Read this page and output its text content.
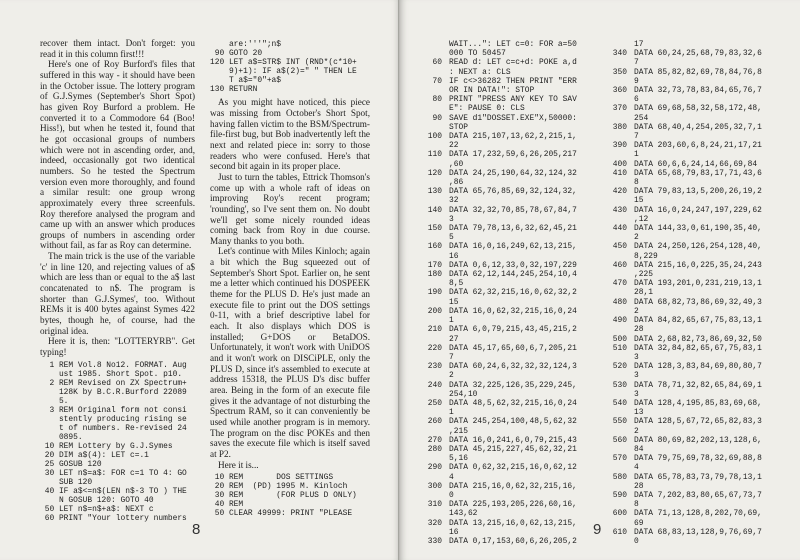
recover them intact. Don't forget: you read it in this column first!!!

Here's one of Roy Burford's files that suffered in this way - it should have been in the October issue. The lottery program of G.J.Symes (September's Short Spot) has given Roy Burford a problem. He converted it to a Commodore 64 (Boo! Hiss!), but when he tested it, found that he got occasional groups of numbers which were not in ascending order, and, indeed, occasionally got two identical numbers. So he tested the Spectrum version even more thoroughly, and found a similar result: one group wrong approximately every three screenfuls. Roy therefore analysed the program and came up with an answer which produces groups of numbers in ascending order without fail, as far as Roy can determine.

The main trick is the use of the variable 'c' in line 120, and rejecting values of a$ which are less than or equal to the a$ last concatenated to n$. The program is shorter than G.J.Symes', too. Without REMs it is 400 bytes against Symes 422 bytes, though he, of course, had the original idea.

Here it is, then: "LOTTERYRB". Get typing!

1 REM Vol.8 No12. FORMAT. Aug
ust 1985. Short Spot. p10.
2 REM Revised on ZX Spectrum+
128K by B.C.R.Burford 22089
5.
3 REM Original form not consi
stently producing rising se
t of numbers. Re-revised 24
0895.
10 REM Lottery by G.J.Symes
20 DIM a$(4): LET c=.1
25 GOSUB 120
30 LET n$=a$: FOR c=1 TO 4: GO
SUB 120
40 IF a$<=n$(LEN n$-3 TO ) THE
N GOSUB 120: GOTO 40
50 LET n$=n$+a$: NEXT c
60 PRINT "Your lottery numbers
are:'''";n$
90 GOTO 20
120 LET a$=STR$ INT (RND*(c*10+
9)+1): IF a$(2)=" " THEN LE
T a$="0"+a$
130 RETURN

As you might have noticed, this piece was missing from October's Short Spot, having fallen victim to the BSM/Spectrum-file-first bug, but Bob inadvertently left the next and related piece in: sorry to those readers who were confused. Here's that second bit again in its proper place.

Just to turn the tables, Ettrick Thomson's come up with a whole raft of ideas on improving Roy's recent program; 'rounding', so I've sent them on. No doubt we'll get some nicely rounded ideas coming back from Roy in due course. Many thanks to you both.

Let's continue with Miles Kinloch; again a bit which the Bug squeezed out of September's Short Spot. Earlier on, he sent me a letter which continued his DOSPEEK theme for the PLUS D. He's just made an execute file to print out the DOS settings 0-11, with a brief descriptive label for each. It also displays which DOS is installed; G+DOS or BetaDOS. Unfortunately, it won't work with UniDOS and it won't work on DISCiPLE, only the PLUS D, since it's assembled to execute at address 15318, the PLUS D's disc buffer area. Being in the form of an execute file gives it the advantage of not disturbing the Spectrum RAM, so it can conveniently be used while another program is in memory. The program on the disc POKEs and then saves the execute file which is itself saved at P2.

Here it is...

10 REM       DOS SETTINGS
20 REM  (PD) 1995 M. Kinloch
30 REM       (FOR PLUS D ONLY)
40 REM
50 CLEAR 49999: PRINT "PLEASE
8
WAIT...": LET c=0: FOR a=50
000 TO 50457
60 READ d: LET c=c+d: POKE a,d
: NEXT a: CLS
70 IF c<>36282 THEN PRINT "ERR
OR IN DATA!": STOP
80 PRINT "PRESS ANY KEY TO SAV
E": PAUSE 0: CLS
90 SAVE d1"DOSSET.EXE"X,50000:
STOP
100 DATA 215,107,13,62,2,215,1,
22
110 DATA 17,232,59,6,26,205,217
,60
120 DATA 24,25,190,64,32,124,32
,86
130 DATA 65,76,85,69,32,124,32,
32
140 DATA 32,32,70,85,78,67,84,7
3
150 DATA 79,78,13,6,32,62,45,21
5
160 DATA 16,0,16,249,62,13,215,
16
170 DATA 0,6,12,33,0,32,197,229
180 DATA 62,12,144,245,254,10,4
8,5
190 DATA 62,32,215,16,0,62,32,2
15
200 DATA 16,0,62,32,215,16,0,24
1
210 DATA 6,0,79,215,43,45,215,2
27
220 DATA 45,17,65,60,6,7,205,21
7
230 DATA 60,24,6,32,32,32,124,3
2
240 DATA 32,225,126,35,229,245,
254,10
250 DATA 48,5,62,32,215,16,0,24
1
260 DATA 245,254,100,48,5,62,32
,215
270 DATA 16,0,241,6,0,79,215,43
280 DATA 45,215,227,45,62,32,21
5,16
290 DATA 0,62,32,215,16,0,62,12
4
300 DATA 215,16,0,62,32,215,16,
0
310 DATA 225,193,205,226,60,16,
143,62
320 DATA 13,215,16,0,62,13,215,
16
330 DATA 0,17,153,60,6,26,205,2
17
340 DATA 60,24,25,68,79,83,32,6
7
350 DATA 85,82,82,69,78,84,76,8
9
360 DATA 32,73,78,83,84,65,76,7
6
370 DATA 69,68,58,32,58,172,48,
254
380 DATA 68,40,4,254,205,32,7,1
7
390 DATA 203,60,6,8,24,21,17,21
1
400 DATA 60,6,6,24,14,66,69,84
410 DATA 65,68,79,83,17,71,43,6
8
420 DATA 79,83,13,5,200,26,19,2
15
430 DATA 16,0,24,247,197,229,62
,12
440 DATA 144,33,0,61,190,35,40,
2
450 DATA 24,250,126,254,128,40,
8,229
460 DATA 215,16,0,225,35,24,243
,225
470 DATA 193,201,0,231,219,13,1
28,1
480 DATA 68,82,73,86,69,32,49,3
2
490 DATA 84,82,65,67,75,83,13,1
28
500 DATA 2,68,82,73,86,69,32,50
510 DATA 32,84,82,65,67,75,83,1
3
520 DATA 128,3,83,84,69,80,80,7
3
530 DATA 78,71,32,82,65,84,69,1
3
540 DATA 128,4,195,85,83,69,68,
13
550 DATA 128,5,67,72,65,82,83,3
2
560 DATA 80,69,82,202,13,128,6,
84
570 DATA 79,75,69,78,32,69,88,8
4
580 DATA 65,78,83,73,79,78,13,1
28
590 DATA 7,202,83,80,65,67,73,7
8
600 DATA 71,13,128,8,202,70,69,
69
610 DATA 68,83,13,128,9,76,69,7
0
9
